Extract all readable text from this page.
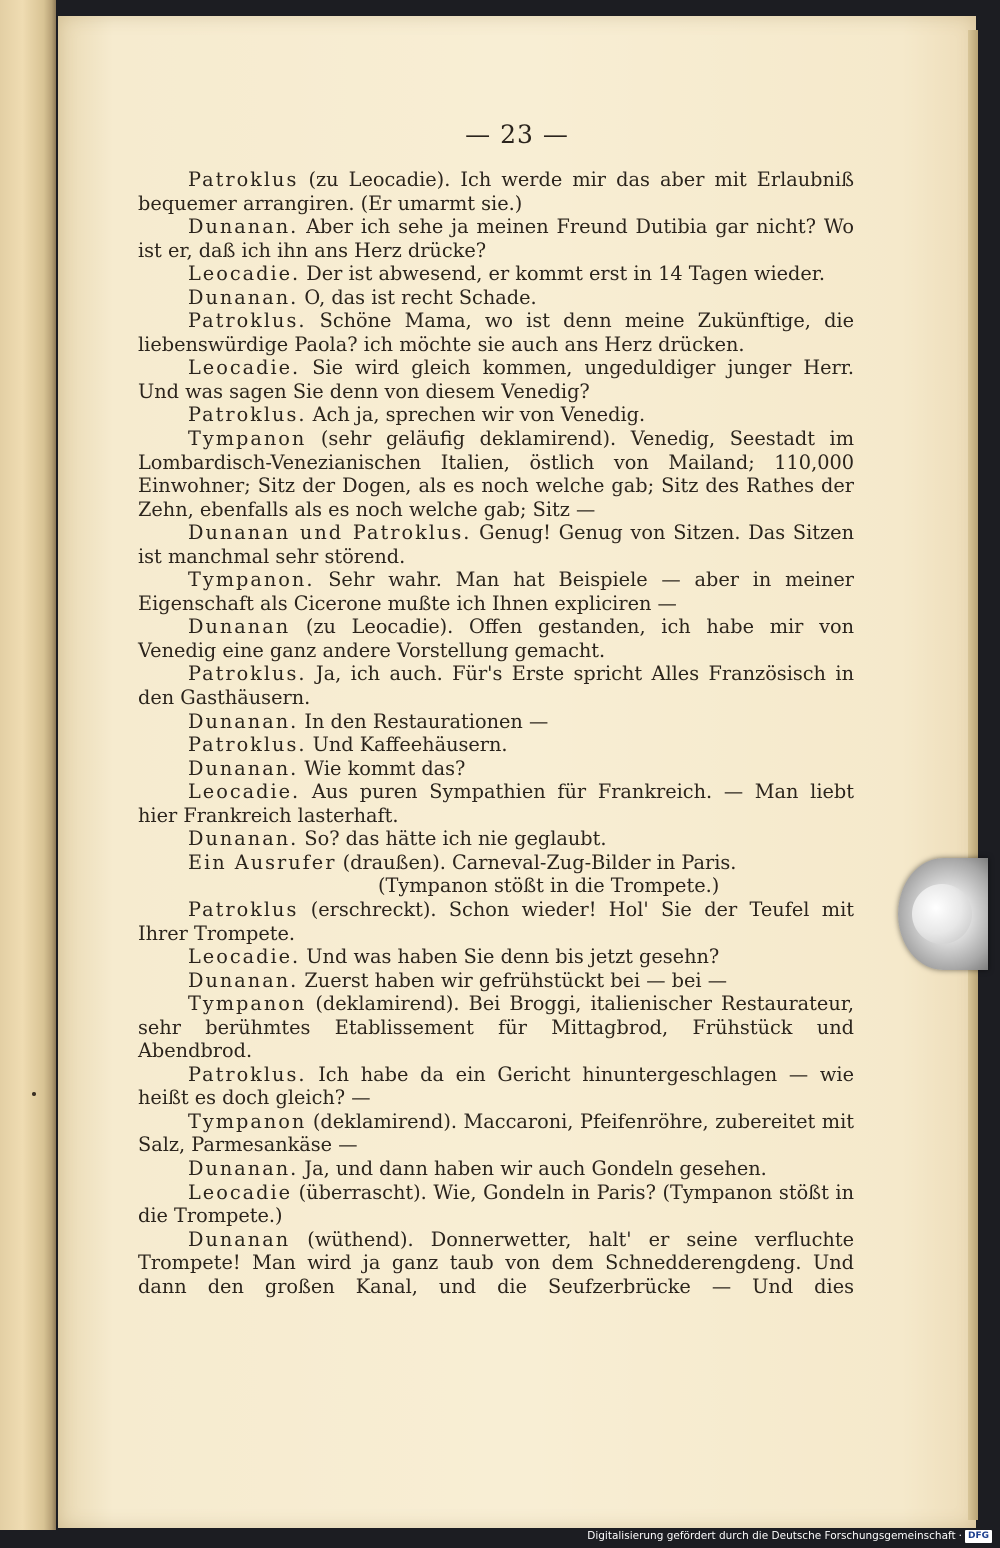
— 23 —

Patroklus (zu Leocadie). Ich werde mir das aber mit Erlaubniß bequemer arrangiren. (Er umarmt sie.)

Dunanan. Aber ich sehe ja meinen Freund Dutibia gar nicht? Wo ist er, daß ich ihn ans Herz drücke?

Leocadie. Der ist abwesend, er kommt erst in 14 Tagen wieder.

Dunanan. O, das ist recht Schade.

Patroklus. Schöne Mama, wo ist denn meine Zukünftige, die liebenswürdige Paola? ich möchte sie auch ans Herz drücken.

Leocadie. Sie wird gleich kommen, ungeduldiger junger Herr. Und was sagen Sie denn von diesem Venedig?

Patroklus. Ach ja, sprechen wir von Venedig.

Tympanon (sehr geläufig deklamirend). Venedig, Seestadt im Lombardisch-Venezianischen Italien, östlich von Mailand; 110,000 Einwohner; Sitz der Dogen, als es noch welche gab; Sitz des Rathes der Zehn, ebenfalls als es noch welche gab; Sitz —

Dunanan und Patroklus. Genug! Genug von Sitzen. Das Sitzen ist manchmal sehr störend.

Tympanon. Sehr wahr. Man hat Beispiele — aber in meiner Eigenschaft als Cicerone mußte ich Ihnen expliciren —

Dunanan (zu Leocadie). Offen gestanden, ich habe mir von Venedig eine ganz andere Vorstellung gemacht.

Patroklus. Ja, ich auch. Für's Erste spricht Alles Französisch in den Gasthäusern.

Dunanan. In den Restaurationen —

Patroklus. Und Kaffeehäusern.

Dunanan. Wie kommt das?

Leocadie. Aus puren Sympathien für Frankreich. — Man liebt hier Frankreich lasterhaft.

Dunanan. So? das hätte ich nie geglaubt.

Ein Ausrufer (draußen). Carneval-Zug-Bilder in Paris.

(Tympanon stößt in die Trompete.)

Patroklus (erschreckt). Schon wieder! Hol' Sie der Teufel mit Ihrer Trompete.

Leocadie. Und was haben Sie denn bis jetzt gesehn?

Dunanan. Zuerst haben wir gefrühstückt bei — bei —

Tympanon (deklamirend). Bei Broggi, italienischer Restaurateur, sehr berühmtes Etablissement für Mittagbrod, Frühstück und Abendbrod.

Patroklus. Ich habe da ein Gericht hinuntergeschlagen — wie heißt es doch gleich? —

Tympanon (deklamirend). Maccaroni, Pfeifenröhre, zubereitet mit Salz, Parmesankäse —

Dunanan. Ja, und dann haben wir auch Gondeln gesehen.

Leocadie (überrascht). Wie, Gondeln in Paris? (Tympanon stößt in die Trompete.)

Dunanan (wüthend). Donnerwetter, halt' er seine verfluchte Trompete! Man wird ja ganz taub von dem Schnedderengdeng. Und dann den großen Kanal, und die Seufzerbrücke — Und dies

Digitalisierung gefördert durch die Deutsche Forschungsgemeinschaft · DFG
